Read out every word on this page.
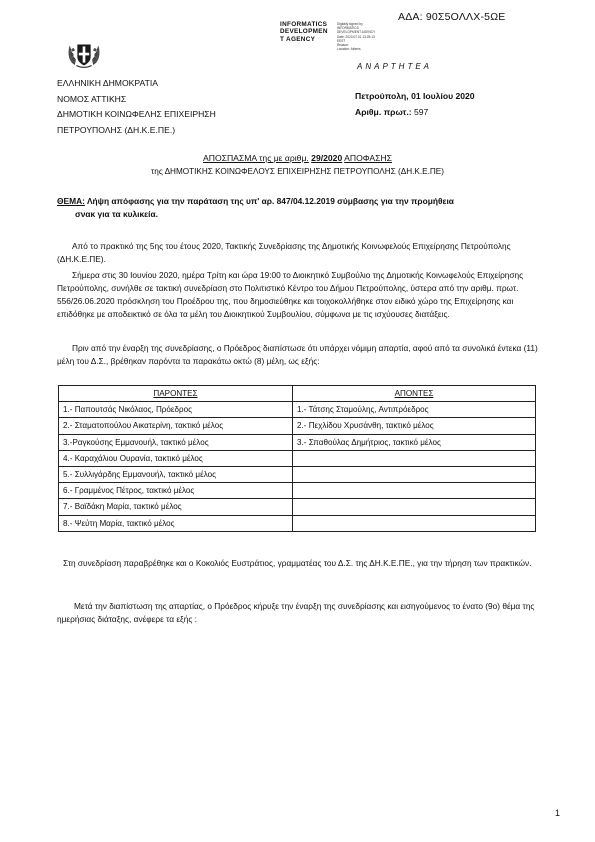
ΑΔΑ: 90Σ5ΟΛΛΧ-5ΩΕ
INFORMATICS
DEVELOPMEN
T AGENCY
Digitally signed by
INFORMATICS
DEVELOPMENT AGENCY
Date: 2020.07.01 13:25:13
EEST
Reason:
Location: Athens
ΑΝΑΡΤΗΤΕΑ
ΕΛΛΗΝΙΚΗ ΔΗΜΟΚΡΑΤΙΑ
ΝΟΜΟΣ ΑΤΤΙΚΗΣ
ΔΗΜΟΤΙΚΗ ΚΟΙΝΩΦΕΛΗΣ ΕΠΙΧΕΙΡΗΣΗ
ΠΕΤΡΟΥΠΟΛΗΣ (ΔΗ.Κ.Ε.ΠΕ.)
Πετρούπολη, 01 Ιουλίου 2020
Αριθμ. πρωτ.: 597
ΑΠΟΣΠΑΣΜΑ της με αριθμ. 29/2020 ΑΠΟΦΑΣΗΣ
της ΔΗΜΟΤΙΚΗΣ ΚΟΙΝΩΦΕΛΟΥΣ ΕΠΙΧΕΙΡΗΣΗΣ ΠΕΤΡΟΥΠΟΛΗΣ (ΔΗ.Κ.Ε.ΠΕ)
ΘΕΜΑ: Λήψη απόφασης για την παράταση της υπ' αρ. 847/04.12.2019 σύμβασης για την προμήθεια
σνακ για τα κυλικεία.
Από το πρακτικό της 5ης του έτους 2020, Τακτικής Συνεδρίασης της Δημοτικής Κοινωφελούς Επιχείρησης Πετρούπολης (ΔΗ.Κ.Ε.ΠΕ).
Σήμερα στις 30 Ιουνίου 2020, ημέρα Τρίτη και ώρα 19:00 το Διοικητικό Συμβούλιο της Δημοτικής Κοινωφελούς Επιχείρησης Πετρούπολης, συνήλθε σε τακτική συνεδρίαση στο Πολιτιστικό Κέντρο του Δήμου Πετρούπολης, ύστερα από την αριθμ. πρωτ. 556/26.06.2020 πρόσκληση του Προέδρου της, που δημοσιεύθηκε και τοιχοκολλήθηκε στον ειδικό χώρο της Επιχείρησης και επιδόθηκε με αποδεικτικό σε όλα τα μέλη του Διοικητικού Συμβουλίου, σύμφωνα με τις ισχύουσες διατάξεις.
Πριν από την έναρξη της συνεδρίασης, ο Πρόεδρος διαπίστωσε ότι υπάρχει νόμιμη απαρτία, αφού από τα συνολικά έντεκα (11) μέλη του Δ.Σ., βρέθηκαν παρόντα τα παρακάτω οκτώ (8) μέλη, ως εξής:
ΠΑΡΟΝΤΕΣ	ΑΠΟΝΤΕΣ
1.- Παπουτσάς Νικόλαος, Πρόεδρος	1.- Τάτσης Σταμούλης, Αντιπρόεδρος
2.- Σταματοπούλου Αικατερίνη, τακτικό μέλος	2.- Πεχλίδου Χρυσάνθη, τακτικό μέλος
3.-Ραγκούσης Εμμανουήλ, τακτικό μέλος	3.- Σπαθούλας Δημήτριος, τακτικό μέλος
4.- Καραχάλιου Ουρανία, τακτικό μέλος	
5.- Συλλιγάρδης Εμμανουήλ, τακτικό μέλος	
6.- Γραμμένος Πέτρος, τακτικό μέλος	
7.- Βαϊδάκη Μαρία, τακτικό μέλος	
8.- Ψεύτη Μαρία, τακτικό μέλος	
Στη συνεδρίαση παραβρέθηκε και ο Κοκολιός Ευστράτιος, γραμματέας του Δ.Σ. της ΔΗ.Κ.Ε.ΠΕ., για την τήρηση των πρακτικών.
Μετά την διαπίστωση της απαρτίας, ο Πρόεδρος κήρυξε την έναρξη της συνεδρίασης και εισηγούμενος το ένατο (9ο) θέμα της ημερήσιας διάταξης, ανέφερε τα εξής :
1
